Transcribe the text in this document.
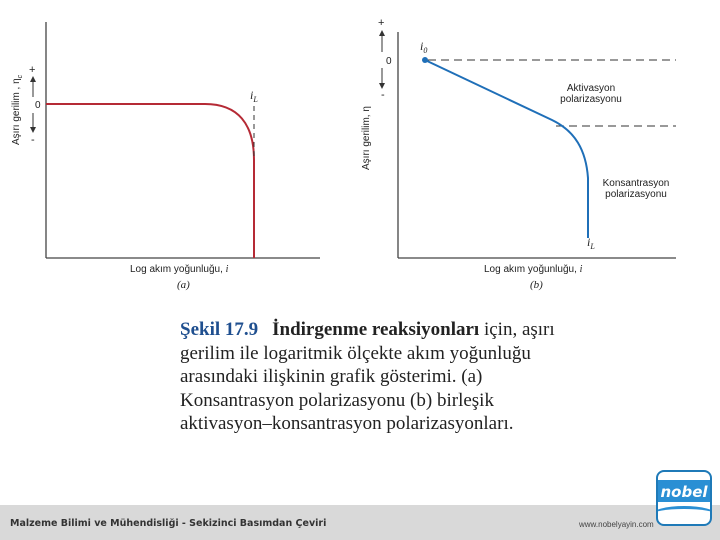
$i_L$
0
+
-
Aşırı gerilim , $\eta_c$
Log akım yoğunluğu, i
(a)
$i_0$
$i_L$
Aktivasyon
polarizasyonu
Konsantrasyon
polarizasyonu
0
+
-
Aşırı gerilim, η
Log akım yoğunluğu, i
(b)
Şekil 17.9 İndirgenme reaksiyonları için, aşırı gerilim ile logaritmik ölçekte akım yoğunluğu arasındaki ilişkinin grafik gösterimi. (a) Konsantrasyon polarizasyonu (b) birleşik aktivasyon–konsantrasyon polarizasyonları.
Malzeme Bilimi ve Mühendisliği - Sekizinci Basımdan Çeviri	www.nobelyayin.com
nobel
